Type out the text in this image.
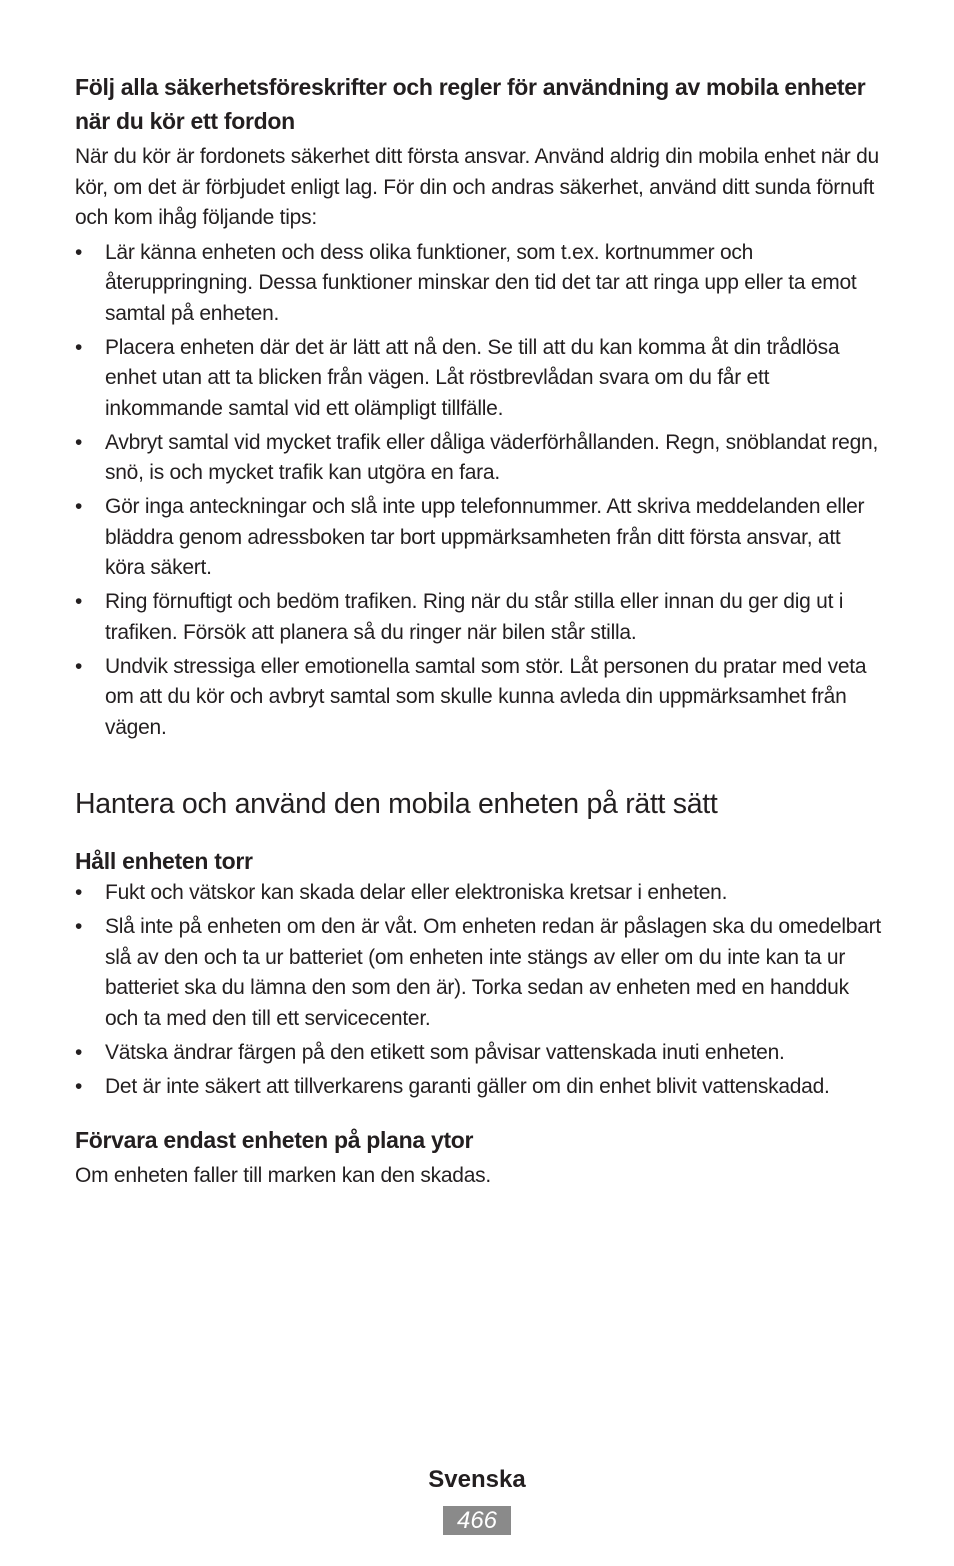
Följ alla säkerhetsföreskrifter och regler för användning av mobila enheter när du kör ett fordon

När du kör är fordonets säkerhet ditt första ansvar. Använd aldrig din mobila enhet när du kör, om det är förbjudet enligt lag. För din och andras säkerhet, använd ditt sunda förnuft och kom ihåg följande tips:

•	Lär känna enheten och dess olika funktioner, som t.ex. kortnummer och återuppringning. Dessa funktioner minskar den tid det tar att ringa upp eller ta emot samtal på enheten.
•	Placera enheten där det är lätt att nå den. Se till att du kan komma åt din trådlösa enhet utan att ta blicken från vägen. Låt röstbrevlådan svara om du får ett inkommande samtal vid ett olämpligt tillfälle.
•	Avbryt samtal vid mycket trafik eller dåliga väderförhållanden. Regn, snöblandat regn, snö, is och mycket trafik kan utgöra en fara.
•	Gör inga anteckningar och slå inte upp telefonnummer. Att skriva meddelanden eller bläddra genom adressboken tar bort uppmärksamheten från ditt första ansvar, att köra säkert.
•	Ring förnuftigt och bedöm trafiken. Ring när du står stilla eller innan du ger dig ut i trafiken. Försök att planera så du ringer när bilen står stilla.
•	Undvik stressiga eller emotionella samtal som stör. Låt personen du pratar med veta om att du kör och avbryt samtal som skulle kunna avleda din uppmärksamhet från vägen.
Hantera och använd den mobila enheten på rätt sätt
Håll enheten torr
•	Fukt och vätskor kan skada delar eller elektroniska kretsar i enheten.
•	Slå inte på enheten om den är våt. Om enheten redan är påslagen ska du omedelbart slå av den och ta ur batteriet (om enheten inte stängs av eller om du inte kan ta ur batteriet ska du lämna den som den är). Torka sedan av enheten med en handduk och ta med den till ett servicecenter.
•	Vätska ändrar färgen på den etikett som påvisar vattenskada inuti enheten.
•	Det är inte säkert att tillverkarens garanti gäller om din enhet blivit vattenskadad.
Förvara endast enheten på plana ytor

Om enheten faller till marken kan den skadas.

Svenska
466
